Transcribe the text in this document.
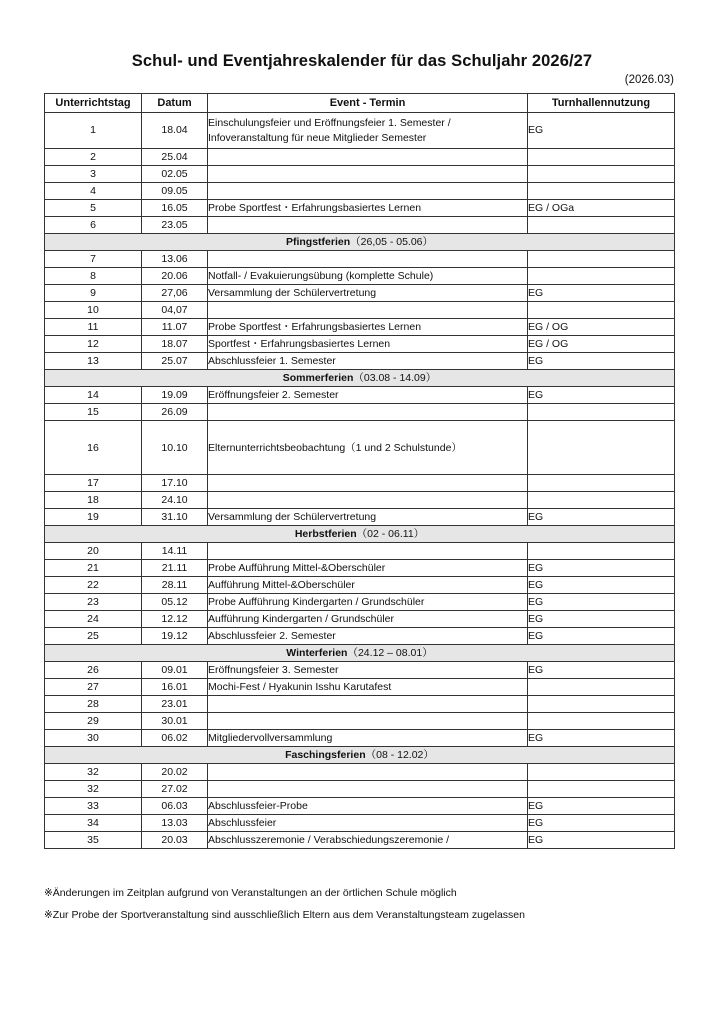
Schul- und Eventjahreskalender für das Schuljahr 2026/27
(2026.03)
Unterrichtstag	Datum	Event - Termin	Turnhallennutzung
1	18.04	Einschulungsfeier und Eröffnungsfeier 1. Semester / Infoveranstaltung für neue Mitglieder Semester	EG
2	25.04		
3	02.05		
4	09.05		
5	16.05	Probe Sportfest・Erfahrungsbasiertes Lernen	EG / OGa
6	23.05		
Pfingstferien（26,05 - 05.06）			
7	13.06		
8	20.06	Notfall- / Evakuierungsübung (komplette Schule)	
9	27,06	Versammlung der Schülervertretung	EG
10	04,07		
11	11.07	Probe Sportfest・Erfahrungsbasiertes Lernen	EG / OG
12	18.07	Sportfest・Erfahrungsbasiertes Lernen	EG / OG
13	25.07	Abschlussfeier 1. Semester	EG
Sommerferien（03.08 - 14.09）			
14	19.09	Eröffnungsfeier 2. Semester	EG
15	26.09		
16	10.10	Elternunterrichtsbeobachtung（1 und 2 Schulstunde）	
17	17.10		
18	24.10		
19	31.10	Versammlung der Schülervertretung	EG
Herbstferien（02 - 06.11）			
20	14.11		
21	21.11	Probe Aufführung Mittel-&Oberschüler	EG
22	28.11	Aufführung Mittel-&Oberschüler	EG
23	05.12	Probe Aufführung Kindergarten / Grundschüler	EG
24	12.12	Aufführung Kindergarten / Grundschüler	EG
25	19.12	Abschlussfeier 2. Semester	EG
Winterferien（24.12 – 08.01）			
26	09.01	Eröffnungsfeier 3. Semester	EG
27	16.01	Mochi-Fest / Hyakunin Isshu Karutafest	
28	23.01		
29	30.01		
30	06.02	Mitgliedervollversammlung	EG
Faschingsferien（08 - 12.02）			
32	20.02		
32	27.02		
33	06.03	Abschlussfeier-Probe	EG
34	13.03	Abschlussfeier	EG
35	20.03	Abschlusszeremonie / Verabschiedungszeremonie /	EG
※Änderungen im Zeitplan aufgrund von Veranstaltungen an der örtlichen Schule möglich
※Zur Probe der Sportveranstaltung sind ausschließlich Eltern aus dem Veranstaltungsteam zugelassen
